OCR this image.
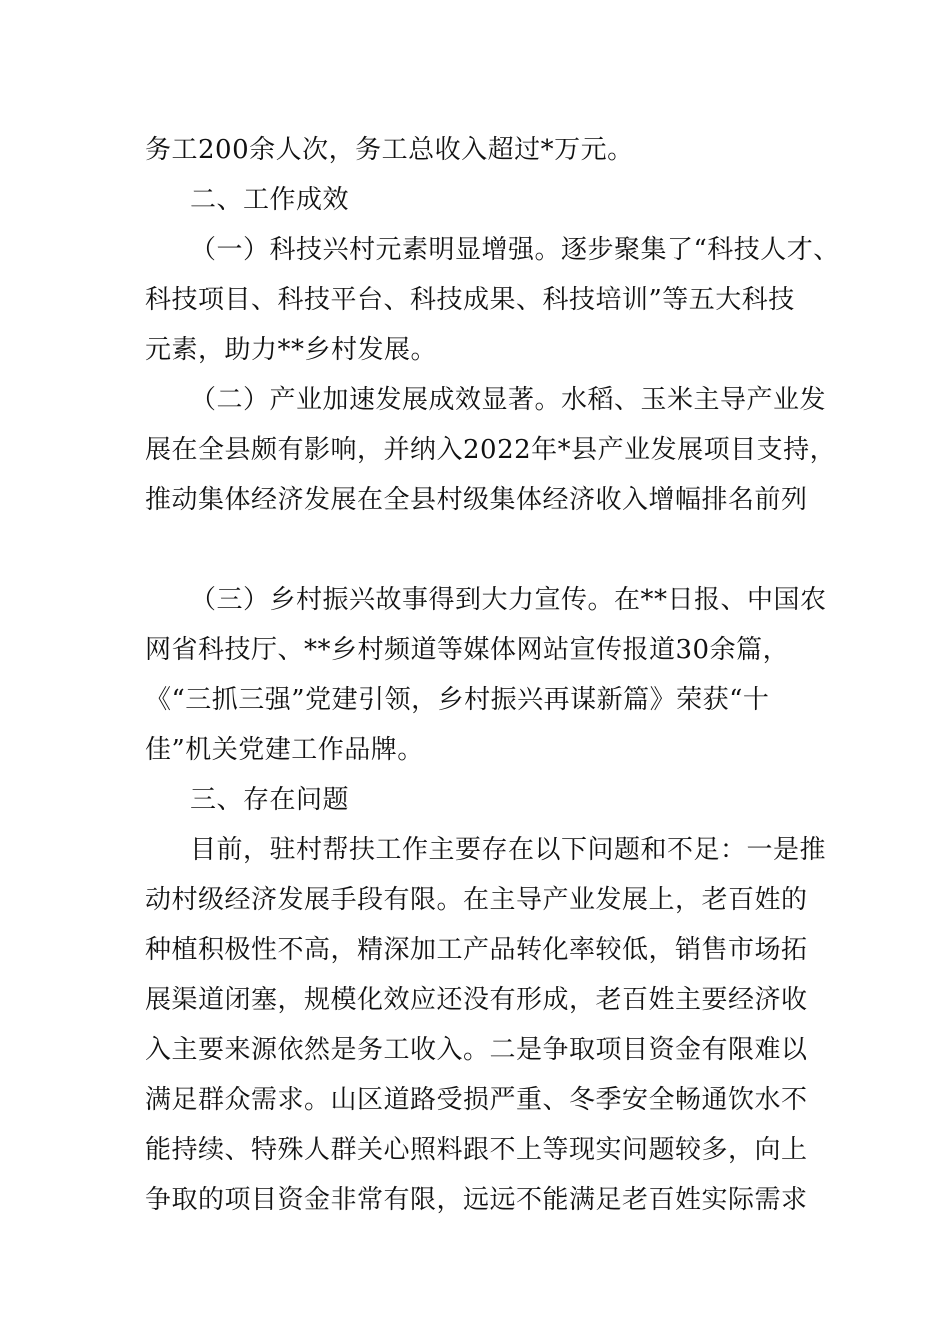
务工200余人次，务工总收入超过*万元。
二、工作成效
（一）科技兴村元素明显增强。逐步聚集了“科技人才、
科技项目、科技平台、科技成果、科技培训”等五大科技
元素，助力**乡村发展。
（二）产业加速发展成效显著。水稻、玉米主导产业发
展在全县颇有影响，并纳入2022年*县产业发展项目支持，
推动集体经济发展在全县村级集体经济收入增幅排名前列
（三）乡村振兴故事得到大力宣传。在**日报、中国农
网省科技厅、**乡村频道等媒体网站宣传报道30余篇，
《“三抓三强”党建引领，乡村振兴再谋新篇》荣获“十
佳”机关党建工作品牌。
三、存在问题
目前，驻村帮扶工作主要存在以下问题和不足：一是推
动村级经济发展手段有限。在主导产业发展上，老百姓的
种植积极性不高，精深加工产品转化率较低，销售市场拓
展渠道闭塞，规模化效应还没有形成，老百姓主要经济收
入主要来源依然是务工收入。二是争取项目资金有限难以
满足群众需求。山区道路受损严重、冬季安全畅通饮水不
能持续、特殊人群关心照料跟不上等现实问题较多，向上
争取的项目资金非常有限，远远不能满足老百姓实际需求
